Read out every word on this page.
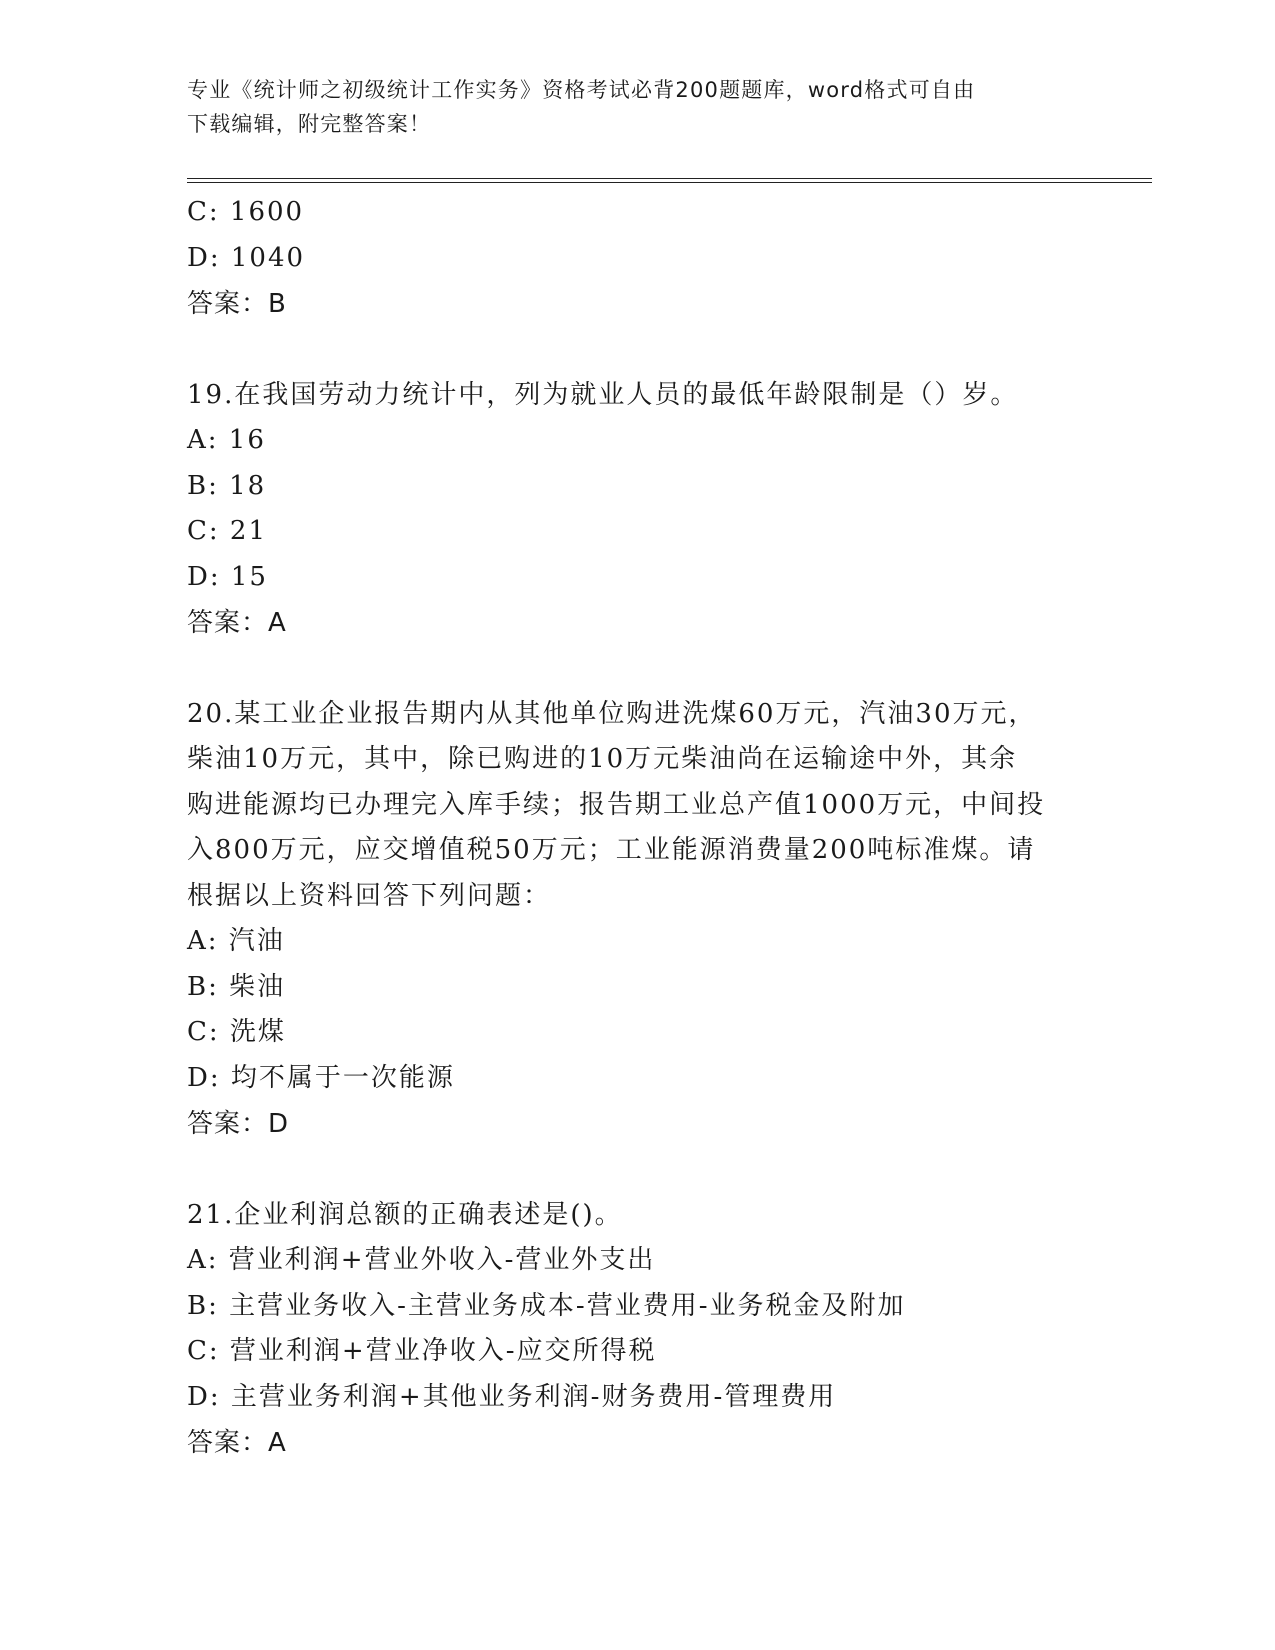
专业《统计师之初级统计工作实务》资格考试必背200题题库，word格式可自由
下载编辑，附完整答案！
C: 1600
D: 1040
答案：B
19.在我国劳动力统计中，列为就业人员的最低年龄限制是（）岁。
A: 16
B: 18
C: 21
D: 15
答案：A
20.某工业企业报告期内从其他单位购进洗煤60万元，汽油30万元，
柴油10万元，其中，除已购进的10万元柴油尚在运输途中外，其余
购进能源均已办理完入库手续；报告期工业总产值1000万元，中间投
入800万元，应交增值税50万元；工业能源消费量200吨标准煤。请
根据以上资料回答下列问题：
A: 汽油
B: 柴油
C: 洗煤
D: 均不属于一次能源
答案：D
21.企业利润总额的正确表述是()。
A: 营业利润+营业外收入-营业外支出
B: 主营业务收入-主营业务成本-营业费用-业务税金及附加
C: 营业利润+营业净收入-应交所得税
D: 主营业务利润+其他业务利润-财务费用-管理费用
答案：A
